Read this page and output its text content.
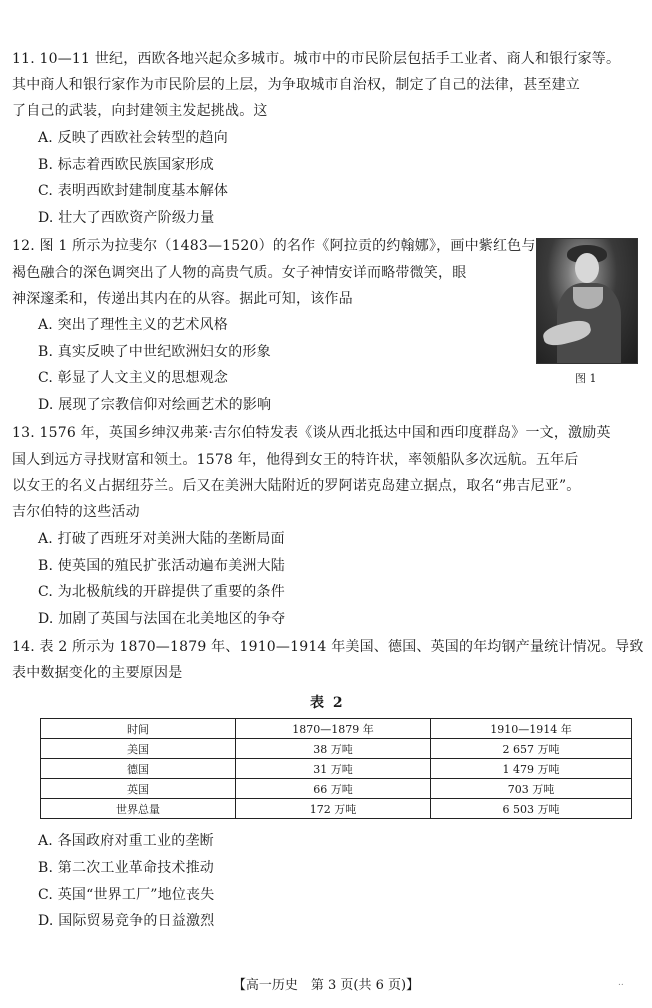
11. 10—11 世纪，西欧各地兴起众多城市。城市中的市民阶层包括手工业者、商人和银行家等。
其中商人和银行家作为市民阶层的上层，为争取城市自治权，制定了自己的法律，甚至建立
了自己的武装，向封建领主发起挑战。这
A. 反映了西欧社会转型的趋向
B. 标志着西欧民族国家形成
C. 表明西欧封建制度基本解体
D. 壮大了西欧资产阶级力量
12. 图 1 所示为拉斐尔（1483—1520）的名作《阿拉贡的约翰娜》，画中紫红色与
褐色融合的深色调突出了人物的高贵气质。女子神情安详而略带微笑，眼
神深邃柔和，传递出其内在的从容。据此可知，该作品
A. 突出了理性主义的艺术风格
B. 真实反映了中世纪欧洲妇女的形象
C. 彰显了人文主义的思想观念
D. 展现了宗教信仰对绘画艺术的影响
图 1
13. 1576 年，英国乡绅汉弗莱·吉尔伯特发表《谈从西北抵达中国和西印度群岛》一文，激励英
国人到远方寻找财富和领土。1578 年，他得到女王的特许状，率领船队多次远航。五年后
以女王的名义占据纽芬兰。后又在美洲大陆附近的罗阿诺克岛建立据点，取名“弗吉尼亚”。
吉尔伯特的这些活动
A. 打破了西班牙对美洲大陆的垄断局面
B. 使英国的殖民扩张活动遍布美洲大陆
C. 为北极航线的开辟提供了重要的条件
D. 加剧了英国与法国在北美地区的争夺
14. 表 2 所示为 1870—1879 年、1910—1914 年美国、德国、英国的年均钢产量统计情况。导致
表中数据变化的主要原因是
表 2
时间	1870—1879 年	1910—1914 年
美国	38 万吨	2 657 万吨
德国	31 万吨	1 479 万吨
英国	66 万吨	703 万吨
世界总量	172 万吨	6 503 万吨
A. 各国政府对重工业的垄断
B. 第二次工业革命技术推动
C. 英国“世界工厂”地位丧失
D. 国际贸易竞争的日益激烈
【高一历史　第 3 页(共 6 页)】	..
